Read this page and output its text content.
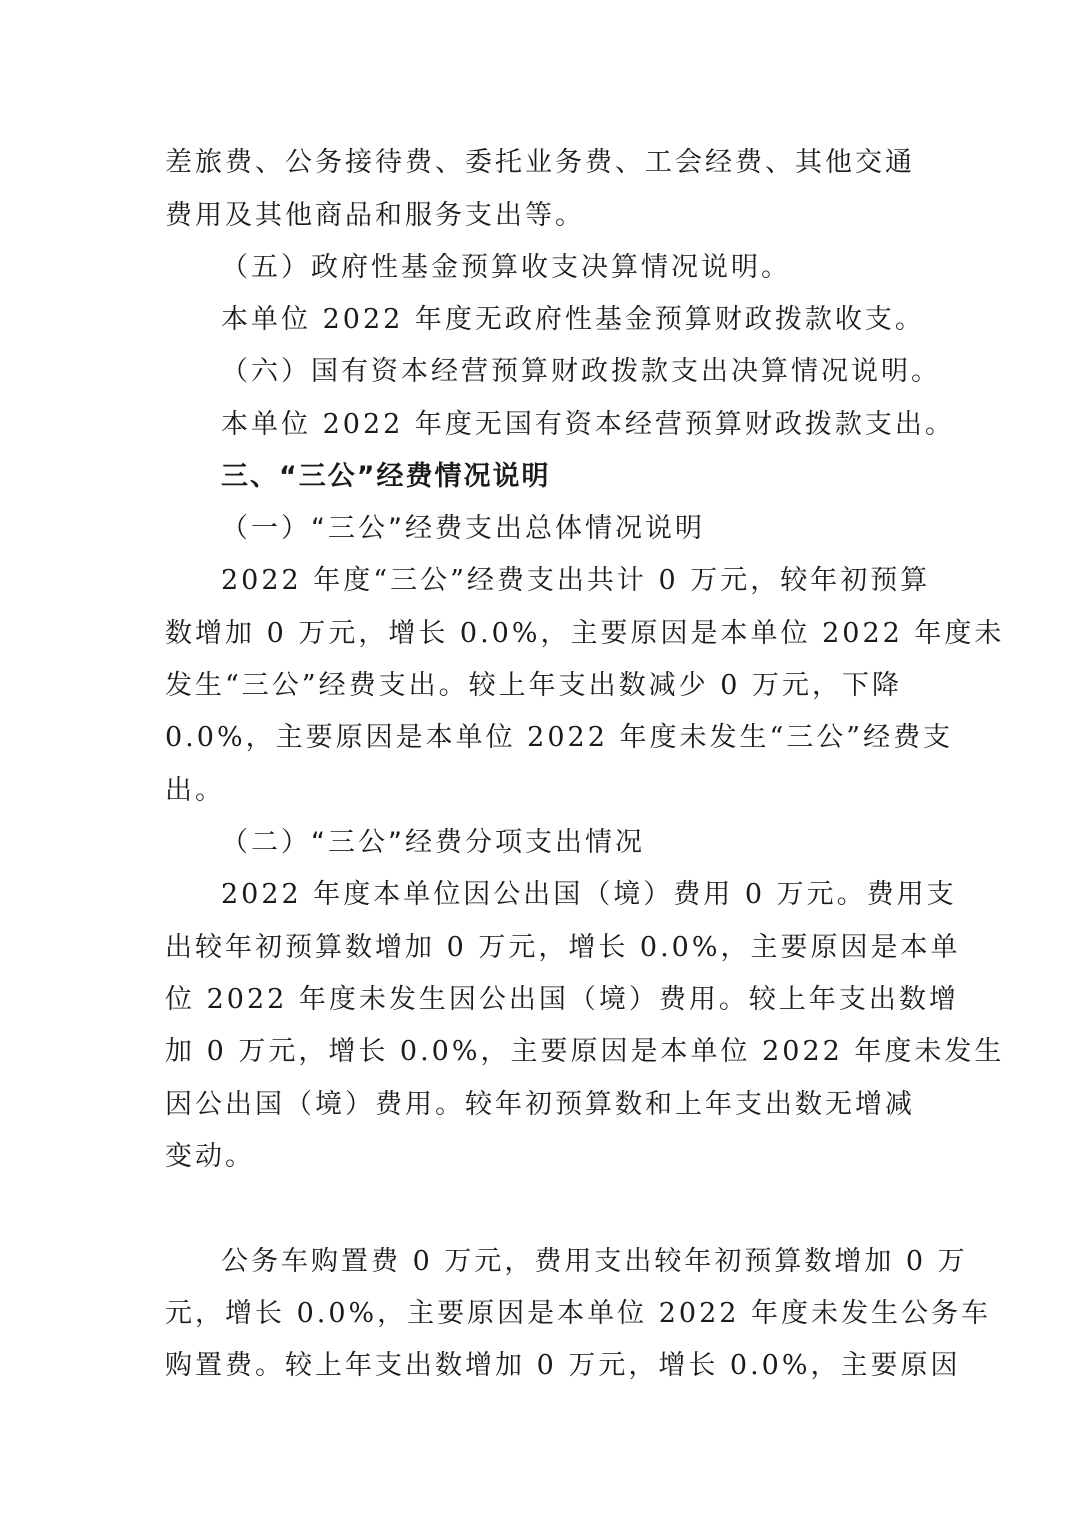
差旅费、公务接待费、委托业务费、工会经费、其他交通
费用及其他商品和服务支出等。
（五）政府性基金预算收支决算情况说明。
本单位 2022 年度无政府性基金预算财政拨款收支。
（六）国有资本经营预算财政拨款支出决算情况说明。
本单位 2022 年度无国有资本经营预算财政拨款支出。
三、“三公”经费情况说明
（一）“三公”经费支出总体情况说明
2022 年度“三公”经费支出共计 0 万元，较年初预算
数增加 0 万元，增长 0.0%，主要原因是本单位 2022 年度未
发生“三公”经费支出。较上年支出数减少 0 万元，下降
0.0%，主要原因是本单位 2022 年度未发生“三公”经费支
出。
（二）“三公”经费分项支出情况
2022 年度本单位因公出国（境）费用 0 万元。费用支
出较年初预算数增加 0 万元，增长 0.0%，主要原因是本单
位 2022 年度未发生因公出国（境）费用。较上年支出数增
加 0 万元，增长 0.0%，主要原因是本单位 2022 年度未发生
因公出国（境）费用。较年初预算数和上年支出数无增减
变动。
公务车购置费 0 万元，费用支出较年初预算数增加 0 万
元，增长 0.0%，主要原因是本单位 2022 年度未发生公务车
购置费。较上年支出数增加 0 万元，增长 0.0%，主要原因
